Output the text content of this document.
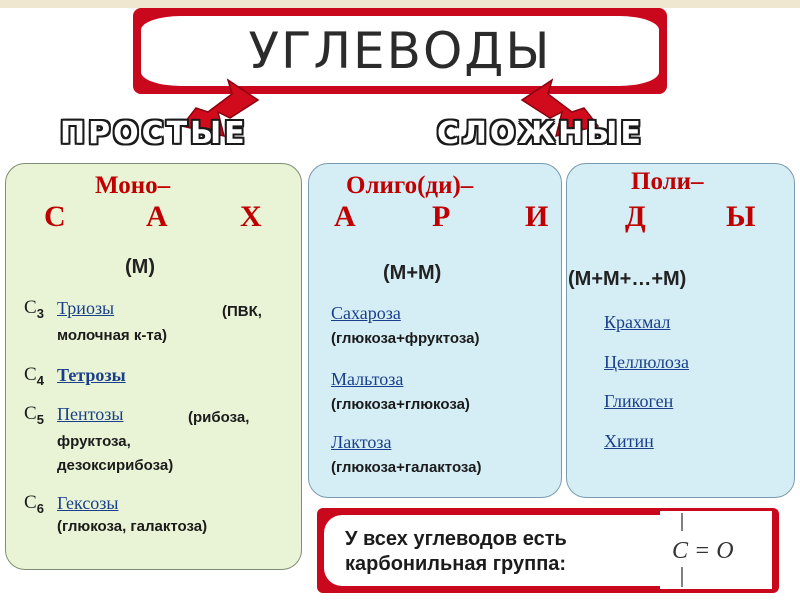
УГЛЕВОДЫ
ПРОСТЫЕ	СЛОЖНЫЕ
Моно–
С	А Х
(М)
$C_3$ Триозы	(ПВК,
молочная к-та)
$C_4$ Тетрозы
$C_5$ Пентозы	(рибоза,
фруктоза,
дезоксирибоза)
$C_6$ Гексозы
(глюкоза, галактоза)
Олиго(ди)–
А	Р И
(М+М)
Сахароза
(глюкоза+фруктоза)
Мальтоза
(глюкоза+глюкоза)
Лактоза
(глюкоза+галактоза)
Поли–
Д	Ы
(М+М+…+М)
Крахмал
Целлюлоза
Гликоген
Хитин
У всех углеводов есть
карбонильная группа:	C = O
